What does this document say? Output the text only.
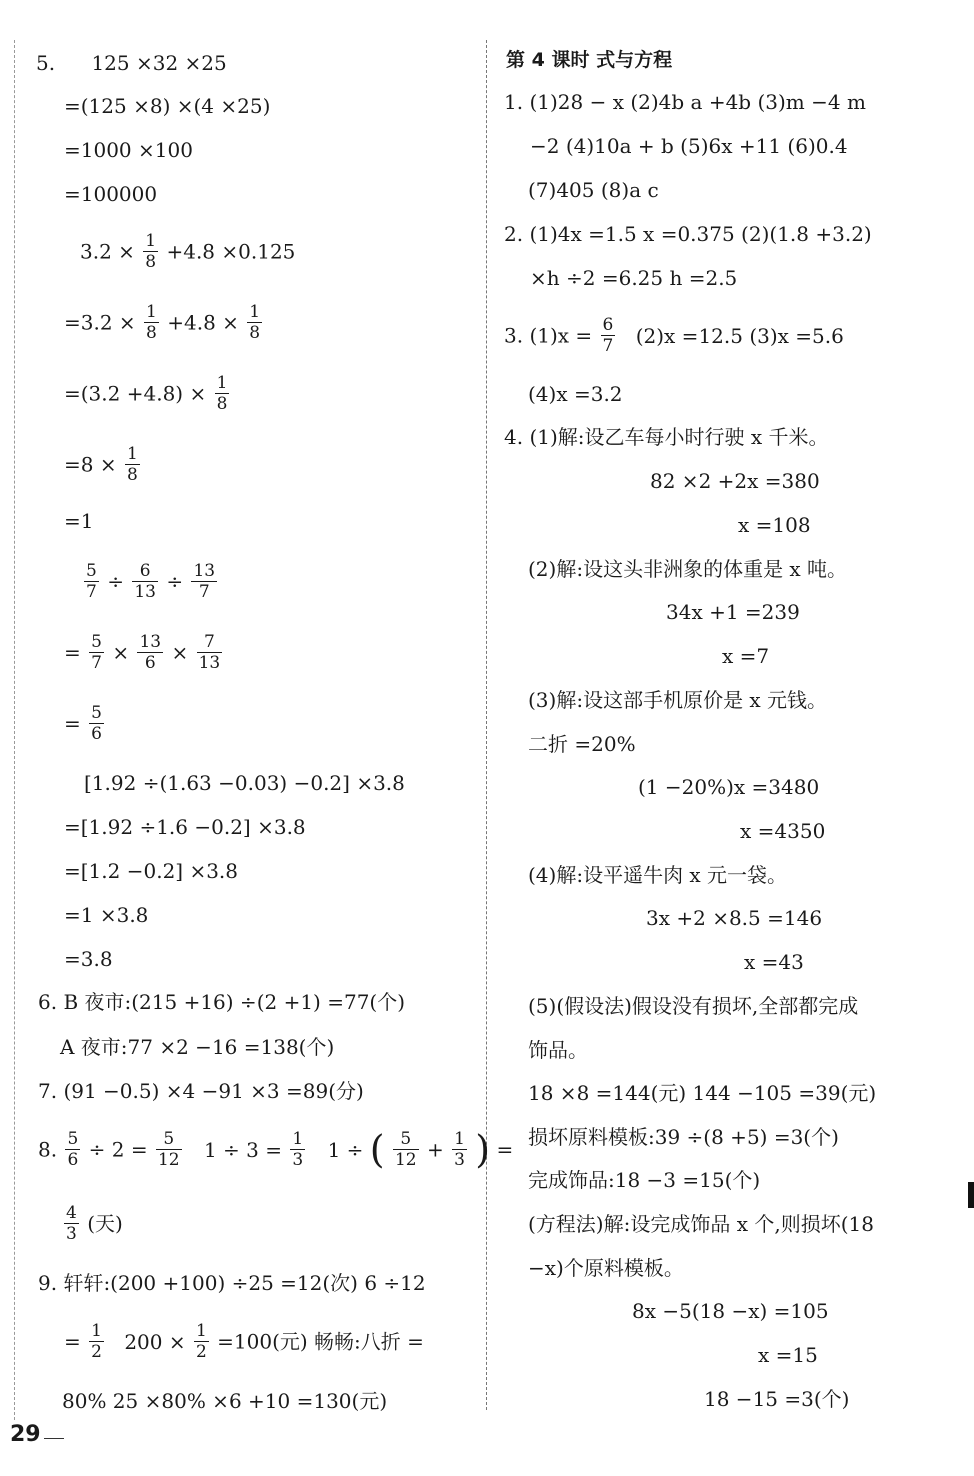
5. 125 ×32 ×25
=(125 ×8) ×(4 ×25)
=1000 ×100
=100000
$3.2 \times \frac{1}{8} +4.8 \times 0.125$
$=3.2 \times \frac{1}{8} +4.8 \times \frac{1}{8}$
$=(3.2 +4.8) \times \frac{1}{8}$
$=8 \times \frac{1}{8}$
=1
$\frac{5}{7} \div \frac{6}{13} \div \frac{13}{7}$
= $\frac{5}{7} \times \frac{13}{6} \times \frac{7}{13}$
= $\frac{5}{6}$
[1.92 ÷(1.63 −0.03) −0.2] ×3.8
=[1.92 ÷1.6 −0.2] ×3.8
=[1.2 −0.2] ×3.8
=1 ×3.8
=3.8
6. B 夜市:(215 +16) ÷(2 +1) =77(个)
A 夜市:77 ×2 −16 =138(个)
7. (91 −0.5) ×4 −91 ×3 =89(分)
8. $\frac{5}{6} \div 2 = \frac{5}{12} 1 \div 3 = \frac{1}{3} 1$ ÷ ( $\frac{5}{12} + \frac{1}{3}$ ) =
$\frac{4}{3}$ (天)
9. 轩轩:(200 +100) ÷25 =12(次) 6 ÷12
= $\frac{1}{2} 200 \times \frac{1}{2} =100$(元) 畅畅:八折 =
80% 25 ×80% ×6 +10 =130(元)
第 4 课时 式与方程
1. (1)28 − x (2)4b a +4b (3)m −4 m
−2 (4)10a + b (5)6x +11 (6)0.4
(7)405 (8)a c
2. (1)4x =1.5 x =0.375 (2)(1.8 +3.2)
×h ÷2 =6.25 h =2.5
3. $(1)x = \frac{6}{7} (2)x =12.5$ (3)x =5.6
(4)x =3.2
4. (1)解:设乙车每小时行驶 x 千米。
82 ×2 +2x =380
x =108
(2)解:设这头非洲象的体重是 x 吨。
34x +1 =239
x =7
(3)解:设这部手机原价是 x 元钱。
二折 =20%
(1 −20%)x =3480
x =4350
(4)解:设平遥牛肉 x 元一袋。
3x +2 ×8.5 =146
x =43
(5)(假设法)假设没有损坏,全部都完成
饰品。
18 ×8 =144(元) 144 −105 =39(元)
损坏原料模板:39 ÷(8 +5) =3(个)
完成饰品:18 −3 =15(个)
(方程法)解:设完成饰品 x 个,则损坏(18
−x)个原料模板。
8x −5(18 −x) =105
x =15
18 −15 =3(个)
29
